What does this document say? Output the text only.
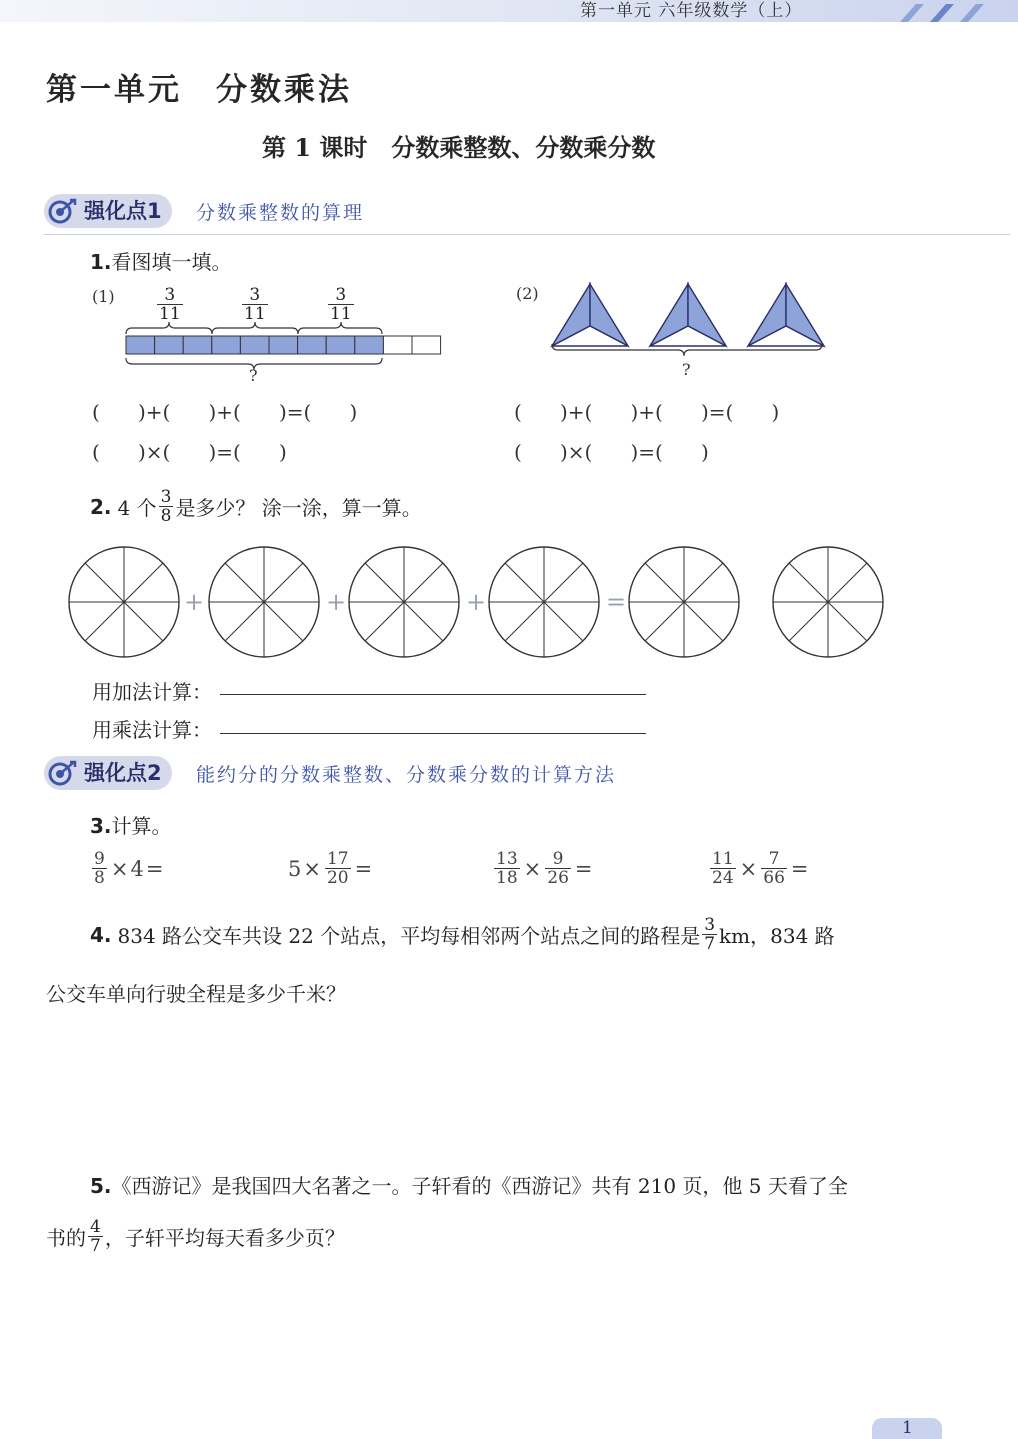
第一单元 六年级数学（上）
第一单元　分数乘法
第 1 课时　分数乘整数、分数乘分数
强化点1	分数乘整数的算理
1.看图填一填。
$(1) \frac{3}{11}$	$\frac{3}{11}$	$\frac{3}{11}$
?
(2)
?
(      )+(      )+(      )=(      )
(      )×(      )=(      )
(      )+(      )+(      )=(      )
(      )×(      )=(      )
2. 4 个 $\frac{3}{8}$ 是多少？ 涂一涂，算一算。
+	+	+	=
用加法计算：
用乘法计算：
强化点2	能约分的分数乘整数、分数乘分数的计算方法
3.计算。
$\frac{9}{8} \times 4$ =	$5 \times \frac{17}{20}$ =	$\frac{13}{18} \times \frac{9}{26}$ =	$\frac{11}{24} \times \frac{7}{66}$ =
4. 834 路公交车共设 22 个站点，平均每相邻两个站点之间的路程是 $\frac{3}{7}$ km，834 路
公交车单向行驶全程是多少千米？
5.《西游记》是我国四大名著之一。子轩看的《西游记》共有 210 页，他 5 天看了全
书的 $\frac{4}{7}$ ，子轩平均每天看多少页？
1
